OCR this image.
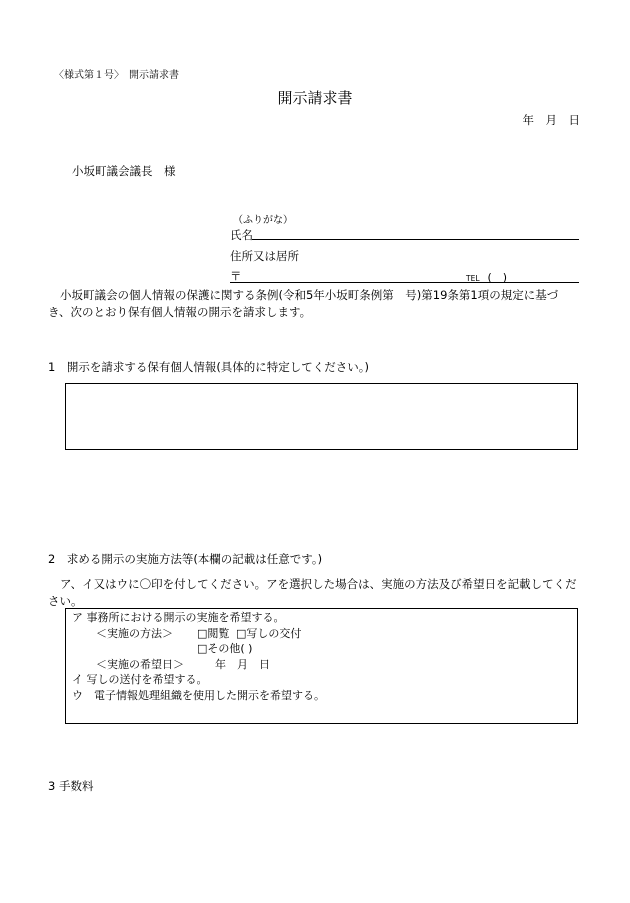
〈様式第１号〉　開示請求書
開示請求書
年　月　日
小坂町議会議長　様
（ふりがな）
氏名
住所又は居所
〒	TEL (　)
小坂町議会の個人情報の保護に関する条例(令和5年小坂町条例第　号)第19条第1項の規定に基づき、次のとおり保有個人情報の開示を請求します。
1　開示を請求する保有個人情報(具体的に特定してください。)
2　求める開示の実施方法等(本欄の記載は任意です。)
ア、イ又はウに〇印を付してください。アを選択した場合は、実施の方法及び希望日を記載してください。
ア 事務所における開示の実施を希望する。
＜実施の方法＞ □閲覧 □写しの交付
□その他( )
＜実施の希望日＞	年　月　日
イ 写しの送付を希望する。
ウ　電子情報処理組織を使用した開示を希望する。
3 手数料
